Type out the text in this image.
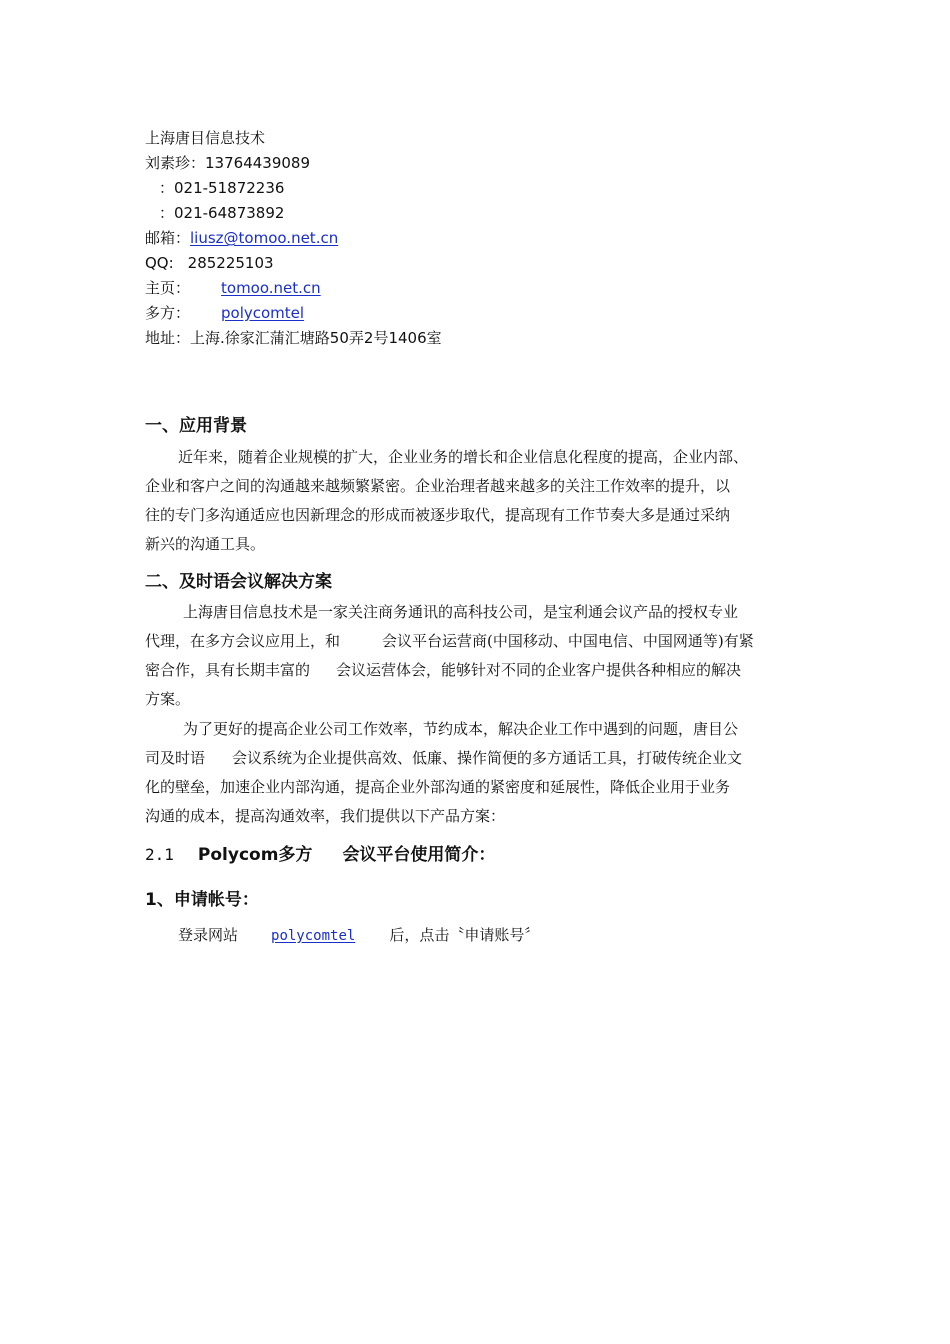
上海唐目信息技术
刘素珍：13764439089
：021-51872236
：021-64873892
邮箱：liusz@tomoo.net.cn
QQ: 285225103
主页： tomoo.net.cn
多方： polycomtel
地址：上海.徐家汇蒲汇塘路50弄2号1406室
一、应用背景
近年来，随着企业规模的扩大，企业业务的增长和企业信息化程度的提高，企业内部、
企业和客户之间的沟通越来越频繁紧密。企业治理者越来越多的关注工作效率的提升，以
往的专门多沟通适应也因新理念的形成而被逐步取代，提高现有工作节奏大多是通过采纳
新兴的沟通工具。
二、及时语会议解决方案
上海唐目信息技术是一家关注商务通讯的高科技公司，是宝利通会议产品的授权专业
代理，在多方会议应用上，和	会议平台运营商(中国移动、中国电信、中国网通等)有紧
密合作，具有长期丰富的 会议运营体会，能够针对不同的企业客户提供各种相应的解决
方案。
为了更好的提高企业公司工作效率，节约成本，解决企业工作中遇到的问题，唐目公
司及时语 会议系统为企业提供高效、低廉、操作简便的多方通话工具，打破传统企业文
化的壁垒，加速企业内部沟通，提高企业外部沟通的紧密度和延展性，降低企业用于业务
沟通的成本，提高沟通效率，我们提供以下产品方案：
2.1 Polycom多方 会议平台使用简介：
1、申请帐号：
登录网站 polycomtel 后，点击〝申请账号〞
